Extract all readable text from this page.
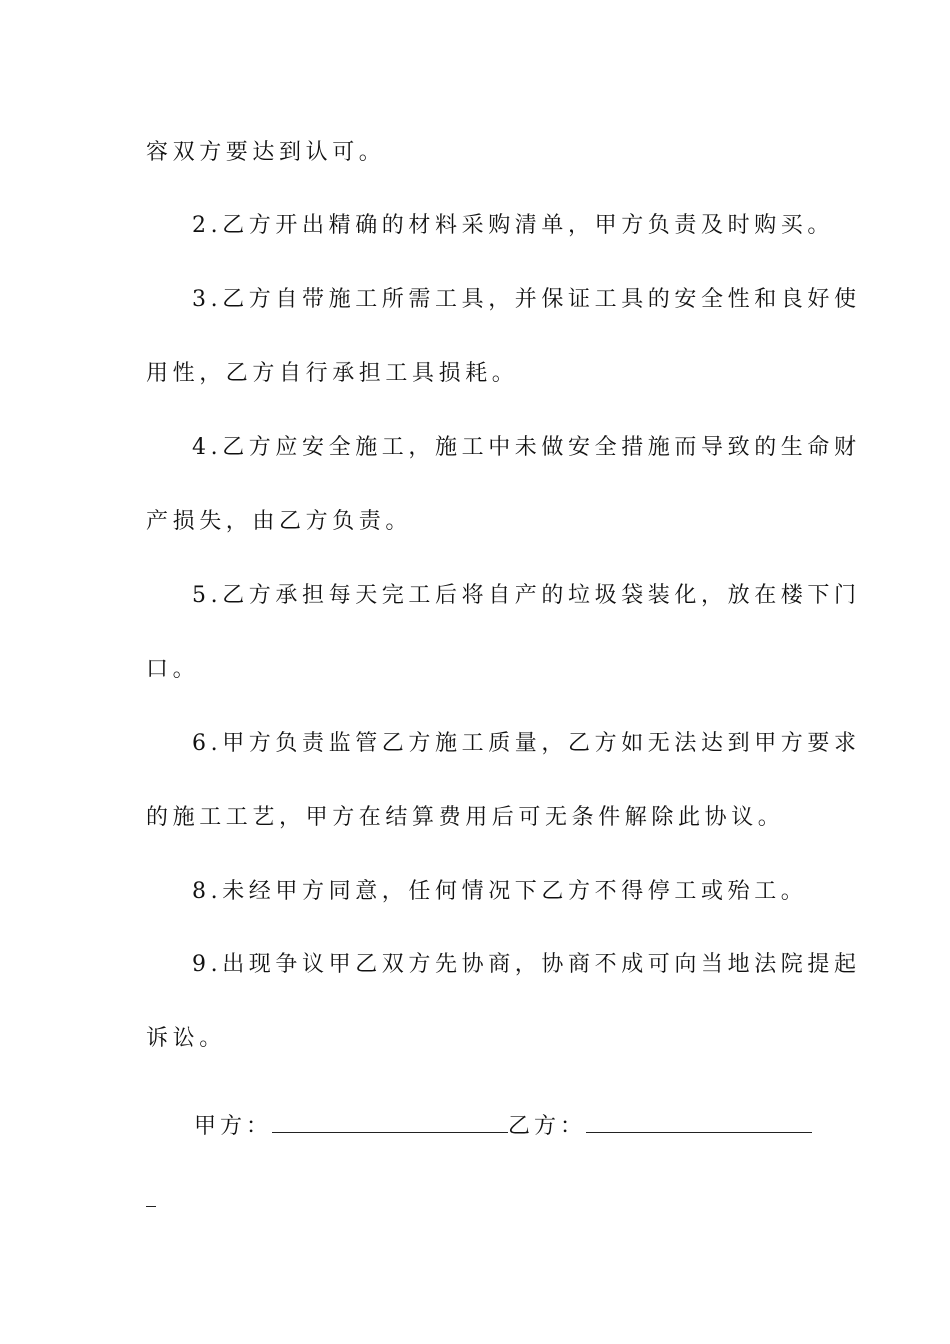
容双方要达到认可。
2.乙方开出精确的材料采购清单，甲方负责及时购买。
3.乙方自带施工所需工具，并保证工具的安全性和良好使
用性，乙方自行承担工具损耗。
4.乙方应安全施工，施工中未做安全措施而导致的生命财
产损失，由乙方负责。
5.乙方承担每天完工后将自产的垃圾袋装化，放在楼下门
口。
6.甲方负责监管乙方施工质量，乙方如无法达到甲方要求
的施工工艺，甲方在结算费用后可无条件解除此协议。
8.未经甲方同意，任何情况下乙方不得停工或殆工。
9.出现争议甲乙双方先协商，协商不成可向当地法院提起
诉讼。
甲方：	乙方：
